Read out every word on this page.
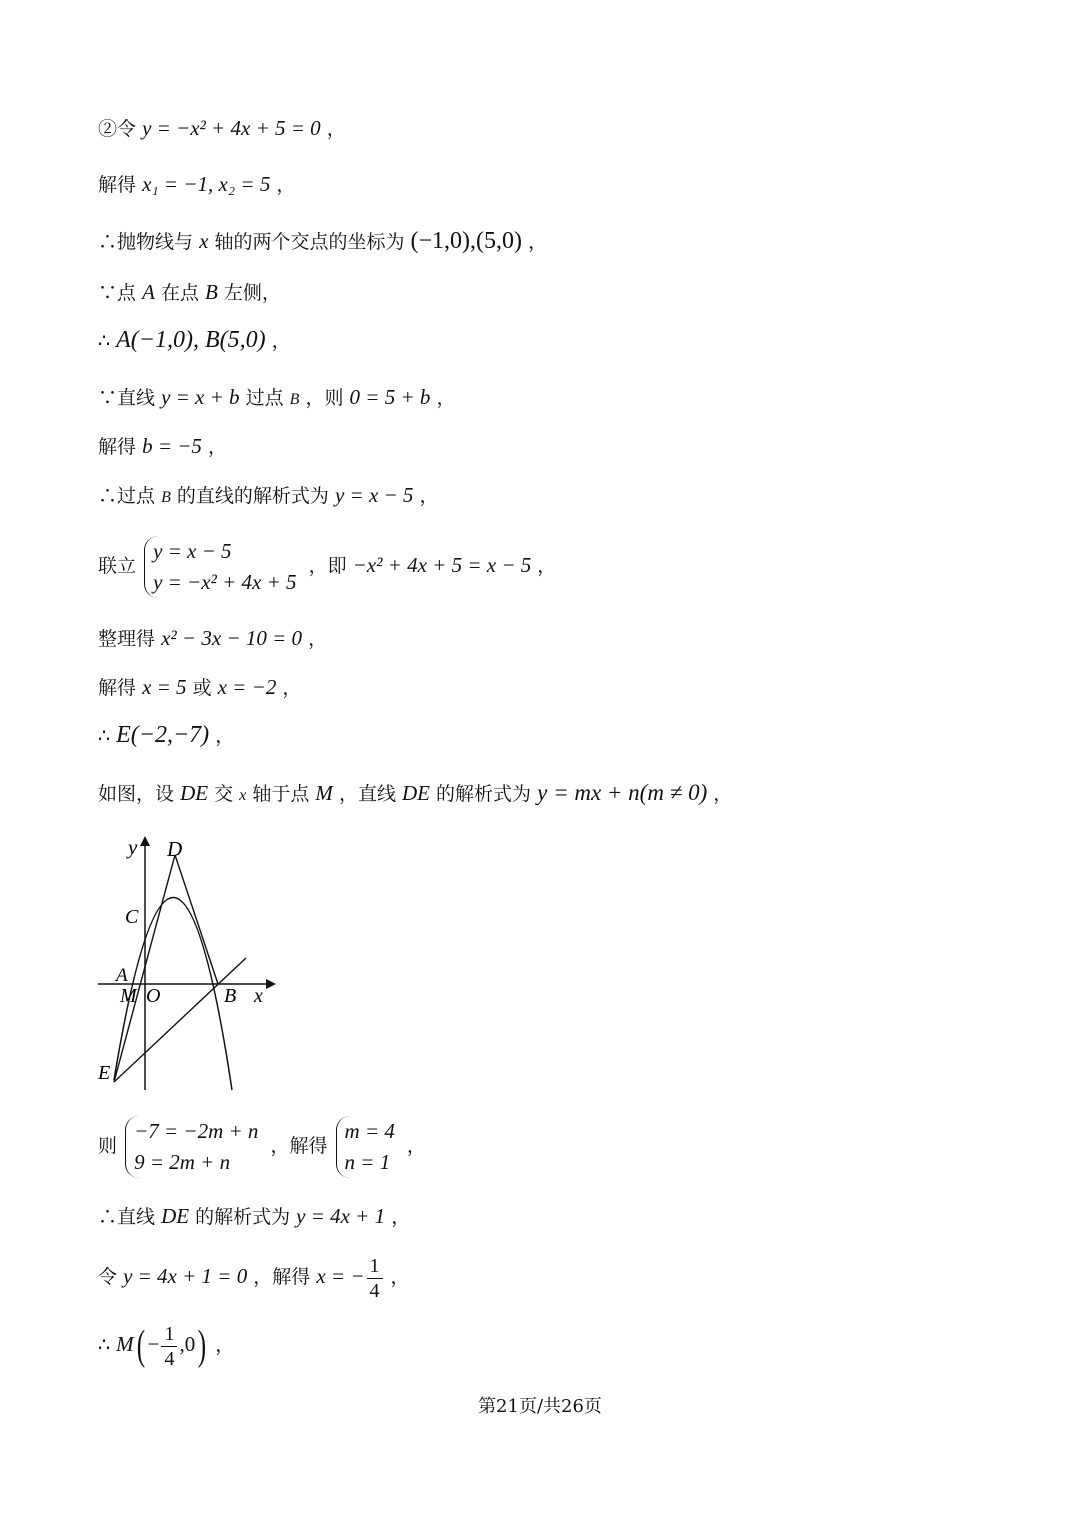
②令 y = −x² + 4x + 5 = 0 ，
解得 x₁ = −1, x₂ = 5 ，
∴抛物线与 x 轴的两个交点的坐标为 (−1,0),(5,0) ，
∵点 A 在点 B 左侧，
∴ A(−1,0), B(5,0) ，
∵直线 y = x + b 过点 B ，则 0 = 5 + b ，
解得 b = −5 ，
∴过点 B 的直线的解析式为 y = x − 5 ，
联立
y = x − 5
y = −x² + 4x + 5
，即 −x² + 4x + 5 = x − 5 ，
整理得 x² − 3x − 10 = 0 ，
解得 x = 5 或 x = −2 ，
∴ E(−2,−7) ，
如图，设 DE 交 x 轴于点 M ，直线 DE 的解析式为 y = mx + n(m ≠ 0) ，
y D
C
A
M O	B x
E
则
−7 = −2m + n
9 = 2m + n
，解得
m = 4
n = 1
，
∴直线 DE 的解析式为 y = 4x + 1 ，
令 y = 4x + 1 = 0 ，解得 x = − $\frac{1}{4}$ ，
∴ $M( - \frac{1}{4} ,0)$ ，
第21页/共26页
